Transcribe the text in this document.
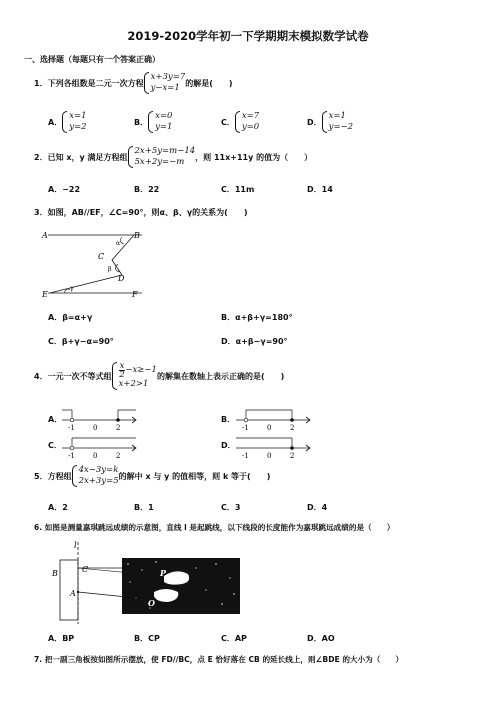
2019-2020学年初一下学期期末模拟数学试卷
一、选择题（每题只有一个答案正确）
1．下列各组数是二元一次方程
x+3y=7
y−x=1 的解是(　　)
A．
x=1
y=2	B．
x=0
y=1	C．
x=7
y=0	D．
x=1
y=−2
2．已知 x，y 满足方程组
2x+5y=m−14
5x+2y=−m	，则 11x+11y 的值为（　　）
A．−22	B．22	C．11m	D．14
3．如图，AB//EF，∠C=90°，则α、β、γ的关系为(　　)
A	B
C
D
E	F
α
β
γ
A．β=α+γ	B．α+β+γ=180°
C．β+γ−α=90°	D．α+β−γ=90°
4．一元一次不等式组 $\frac{x}{2} -x\ge-1$
x+2>1
的解集在数轴上表示正确的是(　　)
A．	B．
C．	D．
-1	0	2	-1	0	2
-1	0	2	-1	0	2
5．方程组
4x−3y=k
2x+3y=5 的解中 x 与 y 的值相等，则 k 等于(　　)
A．2	B．1	C．3	D．4
6. 如图是测量嘉琪跳远成绩的示意图，直线 l 是起跳线，以下线段的长度能作为嘉琪跳远成绩的是（　　）
l
B	C
A
P
O
A．BP	B．CP	C．AP	D．AO
7. 把一副三角板按如图所示摆放，使 FD//BC，点 E 恰好落在 CB 的延长线上，则∠BDE 的大小为（　　）
